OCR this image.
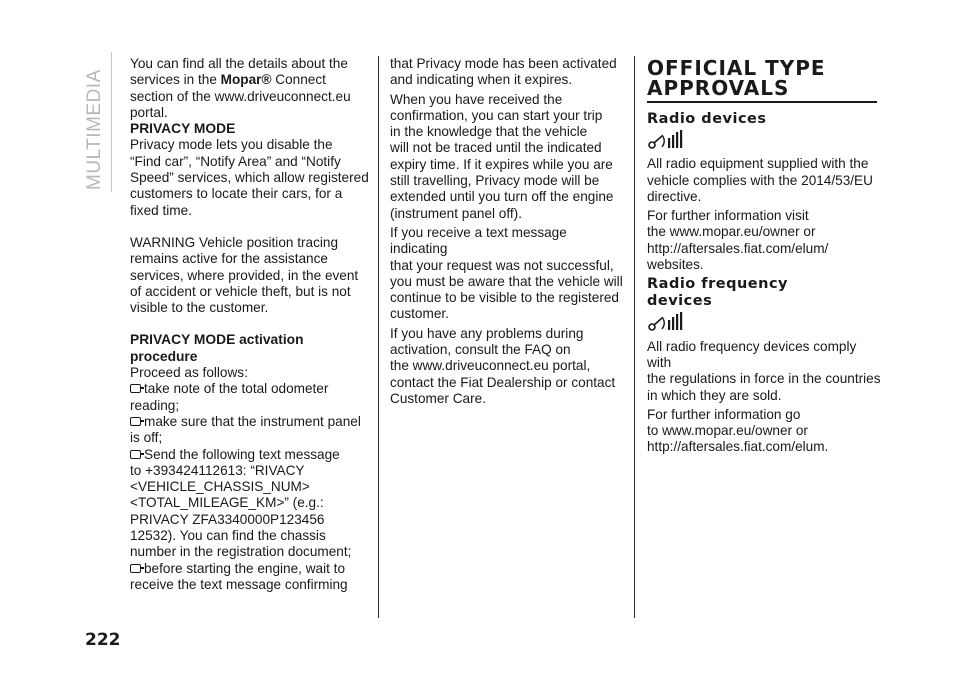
MULTIMEDIA
222

You can find all the details about the
services in the Mopar® Connect
section of the www.driveuconnect.eu
portal.

PRIVACY MODE

Privacy mode lets you disable the
“Find car”, “Notify Area” and “Notify
Speed” services, which allow registered
customers to locate their cars, for a
fixed time.

WARNING Vehicle position tracing
remains active for the assistance
services, where provided, in the event
of accident or vehicle theft, but is not
visible to the customer.

PRIVACY MODE activation
procedure

Proceed as follows:

take note of the total odometer
reading;

make sure that the instrument panel
is off;

Send the following text message
to +393424112613: “RIVACY
<VEHICLE_CHASSIS_NUM>
<TOTAL_MILEAGE_KM>” (e.g.:
PRIVACY ZFA3340000P123456
12532). You can find the chassis
number in the registration document;

before starting the engine, wait to
receive the text message confirming

that Privacy mode has been activated
and indicating when it expires.

When you have received the
confirmation, you can start your trip
in the knowledge that the vehicle
will not be traced until the indicated
expiry time. If it expires while you are
still travelling, Privacy mode will be
extended until you turn off the engine
(instrument panel off).

If you receive a text message indicating
that your request was not successful,
you must be aware that the vehicle will
continue to be visible to the registered
customer.

If you have any problems during
activation, consult the FAQ on
the www.driveuconnect.eu portal,
contact the Fiat Dealership or contact
Customer Care.

OFFICIAL TYPE
APPROVALS
Radio devices

All radio equipment supplied with the
vehicle complies with the 2014/53/EU
directive.

For further information visit
the www.mopar.eu/owner or
http://aftersales.fiat.com/elum/
websites.

Radio frequency
devices

All radio frequency devices comply with
the regulations in force in the countries
in which they are sold.

For further information go
to www.mopar.eu/owner or
http://aftersales.fiat.com/elum.
